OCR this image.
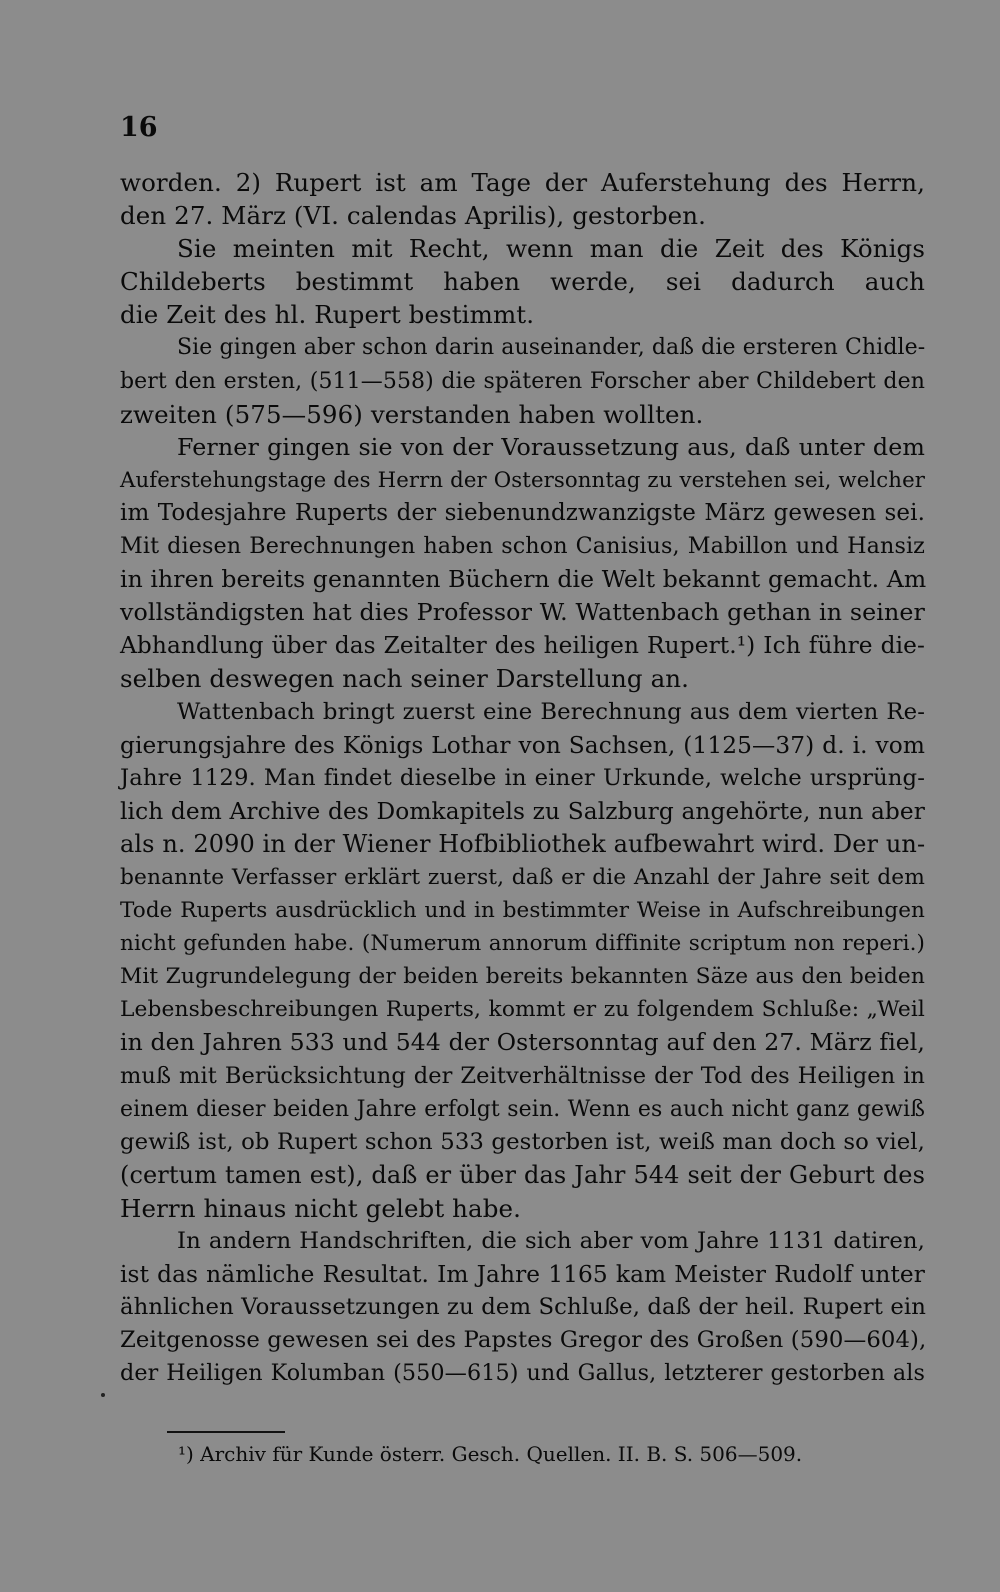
16
worden. 2) Rupert ist am Tage der Auferstehung des Herrn,
den 27. März (VI. calendas Aprilis), gestorben.
Sie meinten mit Recht, wenn man die Zeit des Königs
Childeberts bestimmt haben werde, sei dadurch auch
die Zeit des hl. Rupert bestimmt.
Sie gingen aber schon darin auseinander, daß die ersteren Chidle-
bert den ersten, (511—558) die späteren Forscher aber Childebert den
zweiten (575—596) verstanden haben wollten.
Ferner gingen sie von der Voraussetzung aus, daß unter dem
Auferstehungstage des Herrn der Ostersonntag zu verstehen sei, welcher
im Todesjahre Ruperts der siebenundzwanzigste März gewesen sei.
Mit diesen Berechnungen haben schon Canisius, Mabillon und Hansiz
in ihren bereits genannten Büchern die Welt bekannt gemacht. Am
vollständigsten hat dies Professor W. Wattenbach gethan in seiner
Abhandlung über das Zeitalter des heiligen Rupert.¹) Ich führe die-
selben deswegen nach seiner Darstellung an.
Wattenbach bringt zuerst eine Berechnung aus dem vierten Re-
gierungsjahre des Königs Lothar von Sachsen, (1125—37) d. i. vom
Jahre 1129. Man findet dieselbe in einer Urkunde, welche ursprüng-
lich dem Archive des Domkapitels zu Salzburg angehörte, nun aber
als n. 2090 in der Wiener Hofbibliothek aufbewahrt wird. Der un-
benannte Verfasser erklärt zuerst, daß er die Anzahl der Jahre seit dem
Tode Ruperts ausdrücklich und in bestimmter Weise in Aufschreibungen
nicht gefunden habe. (Numerum annorum diffinite scriptum non reperi.)
Mit Zugrundelegung der beiden bereits bekannten Säze aus den beiden
Lebensbeschreibungen Ruperts, kommt er zu folgendem Schluße: „Weil
in den Jahren 533 und 544 der Ostersonntag auf den 27. März fiel,
muß mit Berücksichtung der Zeitverhältnisse der Tod des Heiligen in
einem dieser beiden Jahre erfolgt sein. Wenn es auch nicht ganz gewiß
gewiß ist, ob Rupert schon 533 gestorben ist, weiß man doch so viel,
(certum tamen est), daß er über das Jahr 544 seit der Geburt des
Herrn hinaus nicht gelebt habe.
In andern Handschriften, die sich aber vom Jahre 1131 datiren,
ist das nämliche Resultat. Im Jahre 1165 kam Meister Rudolf unter
ähnlichen Voraussetzungen zu dem Schluße, daß der heil. Rupert ein
Zeitgenosse gewesen sei des Papstes Gregor des Großen (590—604),
der Heiligen Kolumban (550—615) und Gallus, letzterer gestorben als
¹) Archiv für Kunde österr. Gesch. Quellen. II. B. S. 506—509.
